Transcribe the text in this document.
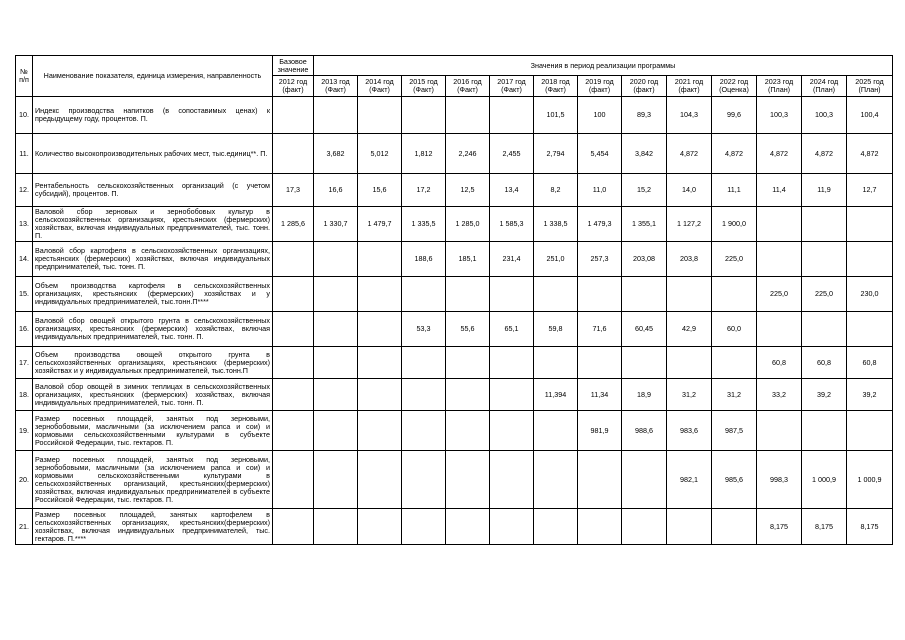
№ п/п	Наименование показателя, единица измерения, направленность	Базовое значение	Значения в период реализации программы												
		2012 год (факт)	2013 год (Факт)	2014 год (Факт)	2015 год (Факт)	2016 год (Факт)	2017 год (Факт)	2018 год (Факт)	2019 год (факт)	2020 год (факт)	2021 год (факт)	2022 год (Оценка)	2023 год (План)	2024 год (План)	2025 год (План)
10.	Индекс производства напитков (в сопоставимых ценах) к предыдущему году, процентов. П.							101,5	100	89,3	104,3	99,6	100,3	100,3	100,4
11.	Количество высокопроизводительных рабочих мест, тыс.единиц**. П.		3,682	5,012	1,812	2,246	2,455	2,794	5,454	3,842	4,872	4,872	4,872	4,872	4,872
12.	Рентабельность сельскохозяйственных организаций (с учетом субсидий), процентов. П.	17,3	16,6	15,6	17,2	12,5	13,4	8,2	11,0	15,2	14,0	11,1	11,4	11,9	12,7
13.	Валовой сбор зерновых и зернобобовых культур в сельскохозяйственных организациях, крестьянских (фермерских) хозяйствах, включая индивидуальных предпринимателей, тыс. тонн. П.	1 285,6	1 330,7	1 479,7	1 335,5	1 285,0	1 585,3	1 338,5	1 479,3	1 355,1	1 127,2	1 900,0			
14.	Валовой сбор картофеля в сельскохозяйственных организациях, крестьянских (фермерских) хозяйствах, включая индивидуальных предпринимателей, тыс. тонн. П.				188,6	185,1	231,4	251,0	257,3	203,08	203,8	225,0			
15.	Объем производства картофеля в сельскохозяйственных организациях, крестьянских (фермерских) хозяйствах и у индивидуальных предпринимателей, тыс.тонн.П****												225,0	225,0	230,0
16.	Валовой сбор овощей открытого грунта в сельскохозяйственных организациях, крестьянских (фермерских) хозяйствах, включая индивидуальных предпринимателей, тыс. тонн. П.				53,3	55,6	65,1	59,8	71,6	60,45	42,9	60,0			
17.	Объем производства овощей открытого грунта в сельскохозяйственных организациях, крестьянских (фермерских) хозяйствах и у индивидуальных предпринимателей, тыс.тонн.П												60,8	60,8	60,8
18.	Валовой сбор овощей в зимних теплицах в сельскохозяйственных организациях, крестьянских (фермерских) хозяйствах, включая индивидуальных предпринимателей, тыс. тонн. П.							11,394	11,34	18,9	31,2	31,2	33,2	39,2	39,2
19.	Размер посевных площадей, занятых под зерновыми, зернобобовыми, масличными (за исключением рапса и сои) и кормовыми сельскохозяйственными культурами в субъекте Российской Федерации, тыс. гектаров. П.								981,9	988,6	983,6	987,5			
20.	Размер посевных площадей, занятых под зерновыми, зернобобовыми, масличными (за исключением рапса и сои) и кормовыми сельскохозяйственными культурами в сельскохозяйственных организаций, крестьянских(фермерских) хозяйствах, включая индивидуальных предпринимателей в субъекте Российской Федерации, тыс. гектаров. П.										982,1	985,6	998,3	1 000,9	1 000,9
21.	Размер посевных площадей, занятых картофелем в сельскохозяйственных организациях, крестьянских(фермерских) хозяйствах, включая индивидуальных предпринимателей, тыс. гектаров. П.****												8,175	8,175	8,175
